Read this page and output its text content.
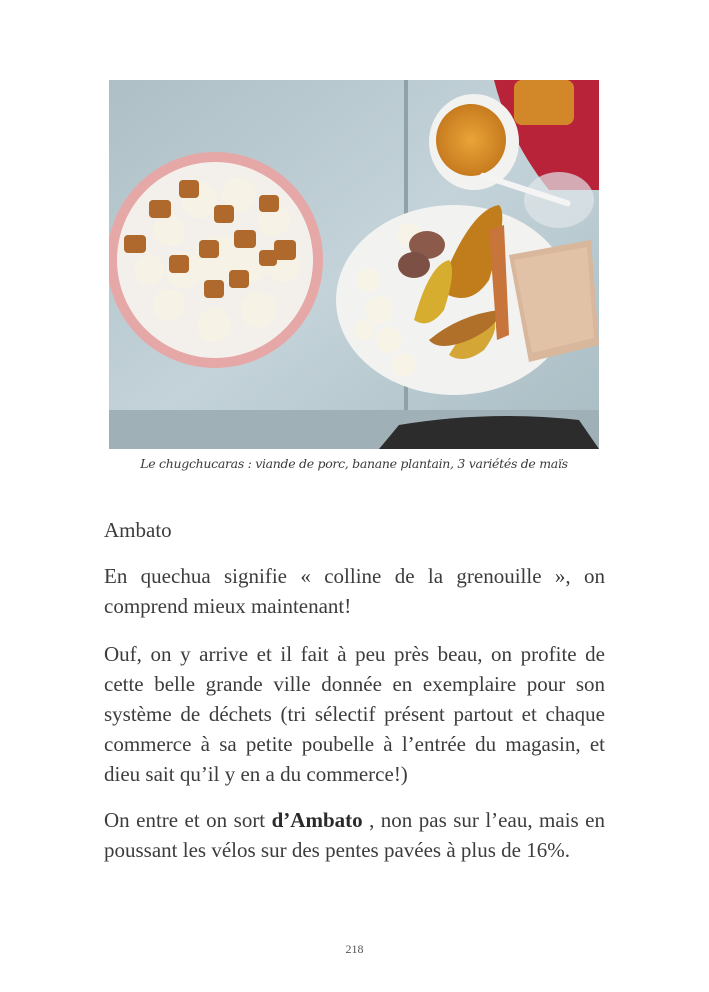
Le chugchucaras : viande de porc, banane plantain, 3 variétés de maïs
Ambato
En quechua signifie « colline de la grenouille », on comprend mieux maintenant!
Ouf, on y arrive et il fait à peu près beau, on profite de cette belle grande ville donnée en exemplaire pour son système de déchets (tri sélectif présent partout et chaque commerce à sa petite poubelle à l’entrée du magasin, et dieu sait qu’il y en a du commerce!)
On entre et on sort d’Ambato , non pas sur l’eau, mais en poussant les vélos sur des pentes pavées à plus de 16%.
218
